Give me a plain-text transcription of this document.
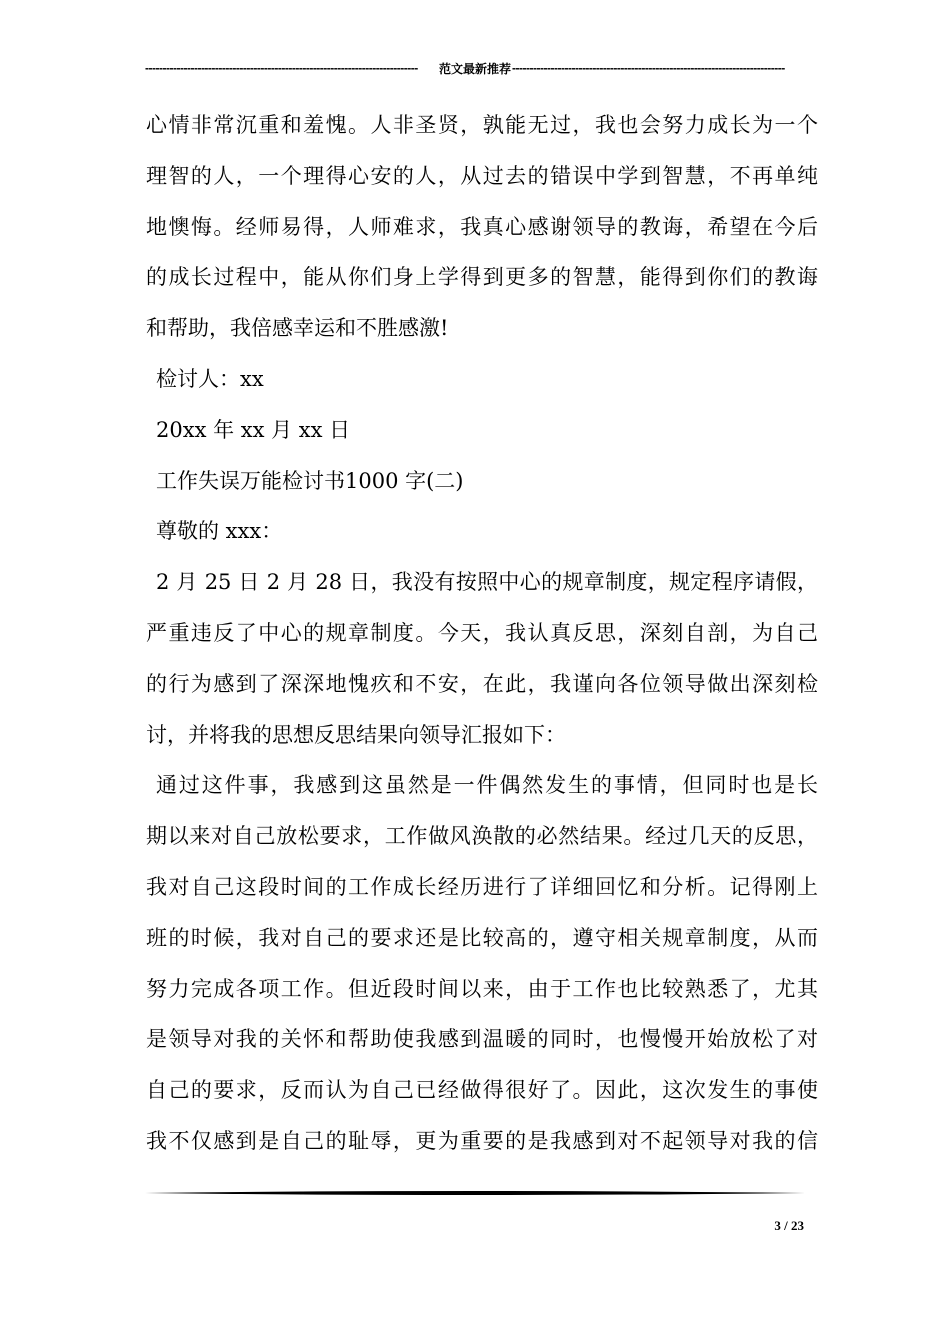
------------------------------------------------------------------------------	范文最新推荐 ------------------------------------------------------------------------------
心情非常沉重和羞愧。人非圣贤，孰能无过，我也会努力成长为一个
理智的人，一个理得心安的人，从过去的错误中学到智慧，不再单纯
地懊悔。经师易得，人师难求，我真心感谢领导的教诲，希望在今后
的成长过程中，能从你们身上学得到更多的智慧，能得到你们的教诲
和帮助，我倍感幸运和不胜感激!
检讨人：xx
20xx 年 xx 月 xx 日
工作失误万能检讨书1000 字(二)
尊敬的 xxx：
2 月 25 日 2 月 28 日，我没有按照中心的规章制度，规定程序请假，
严重违反了中心的规章制度。今天，我认真反思，深刻自剖，为自己
的行为感到了深深地愧疚和不安，在此，我谨向各位领导做出深刻检
讨，并将我的思想反思结果向领导汇报如下：
通过这件事，我感到这虽然是一件偶然发生的事情，但同时也是长
期以来对自己放松要求，工作做风涣散的必然结果。经过几天的反思，
我对自己这段时间的工作成长经历进行了详细回忆和分析。记得刚上
班的时候，我对自己的要求还是比较高的，遵守相关规章制度，从而
努力完成各项工作。但近段时间以来，由于工作也比较熟悉了，尤其
是领导对我的关怀和帮助使我感到温暖的同时，也慢慢开始放松了对
自己的要求，反而认为自己已经做得很好了。因此，这次发生的事使
我不仅感到是自己的耻辱，更为重要的是我感到对不起领导对我的信
3 / 23
